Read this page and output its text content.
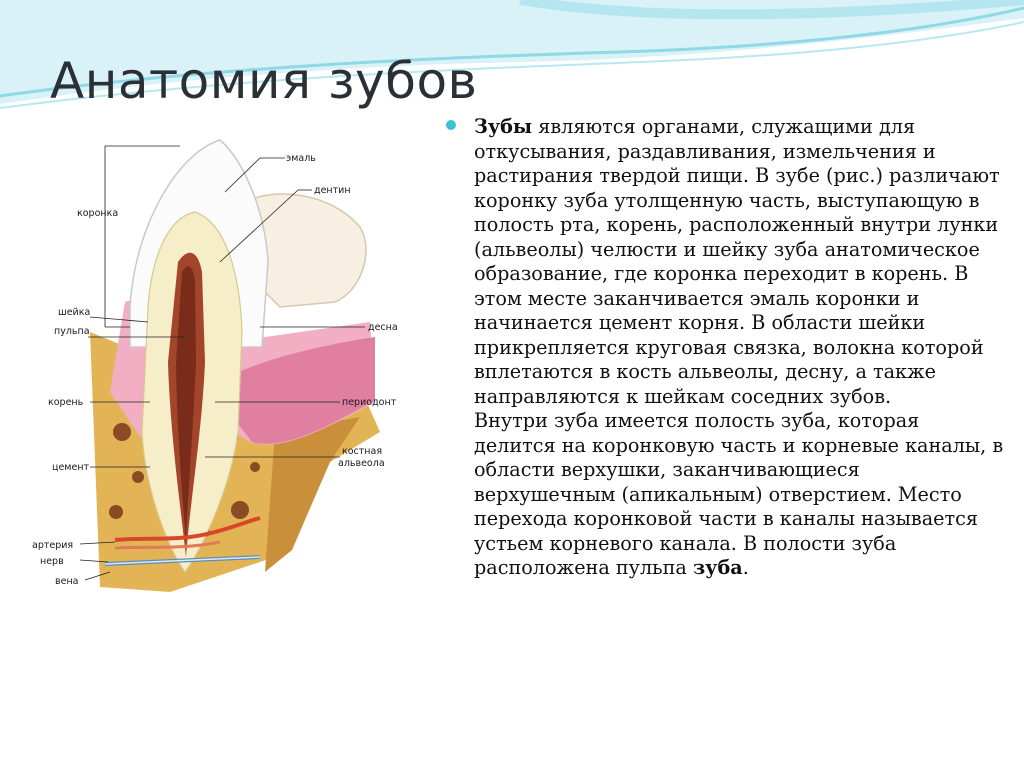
Анатомия зубов
коронка
эмаль
дентин
шейка
пульпа	десна
корень	периодонт
костная
альвеола
цемент
артерия
нерв
вена

Зубы являются органами, служащими для откусывания, раздавливания, измельчения и растирания твердой пищи. В зубе (рис.) различают коронку зуба утолщенную часть, выступающую в полость рта, корень, расположенный внутри лунки (альвеолы) челюсти и шейку зуба анатомическое образование, где коронка переходит в корень. В этом месте заканчивается эмаль коронки и начинается цемент корня. В области шейки прикрепляется круговая связка, волокна которой вплетаются в кость альвеолы, десну, а также направляются к шейкам соседних зубов.

Внутри зуба имеется полость зуба, которая делится на коронковую часть и корневые каналы, в области верхушки, заканчивающиеся верхушечным (апикальным) отверстием. Место перехода коронковой части в каналы называется устьем корневого канала. В полости зуба расположена пульпа зуба.
